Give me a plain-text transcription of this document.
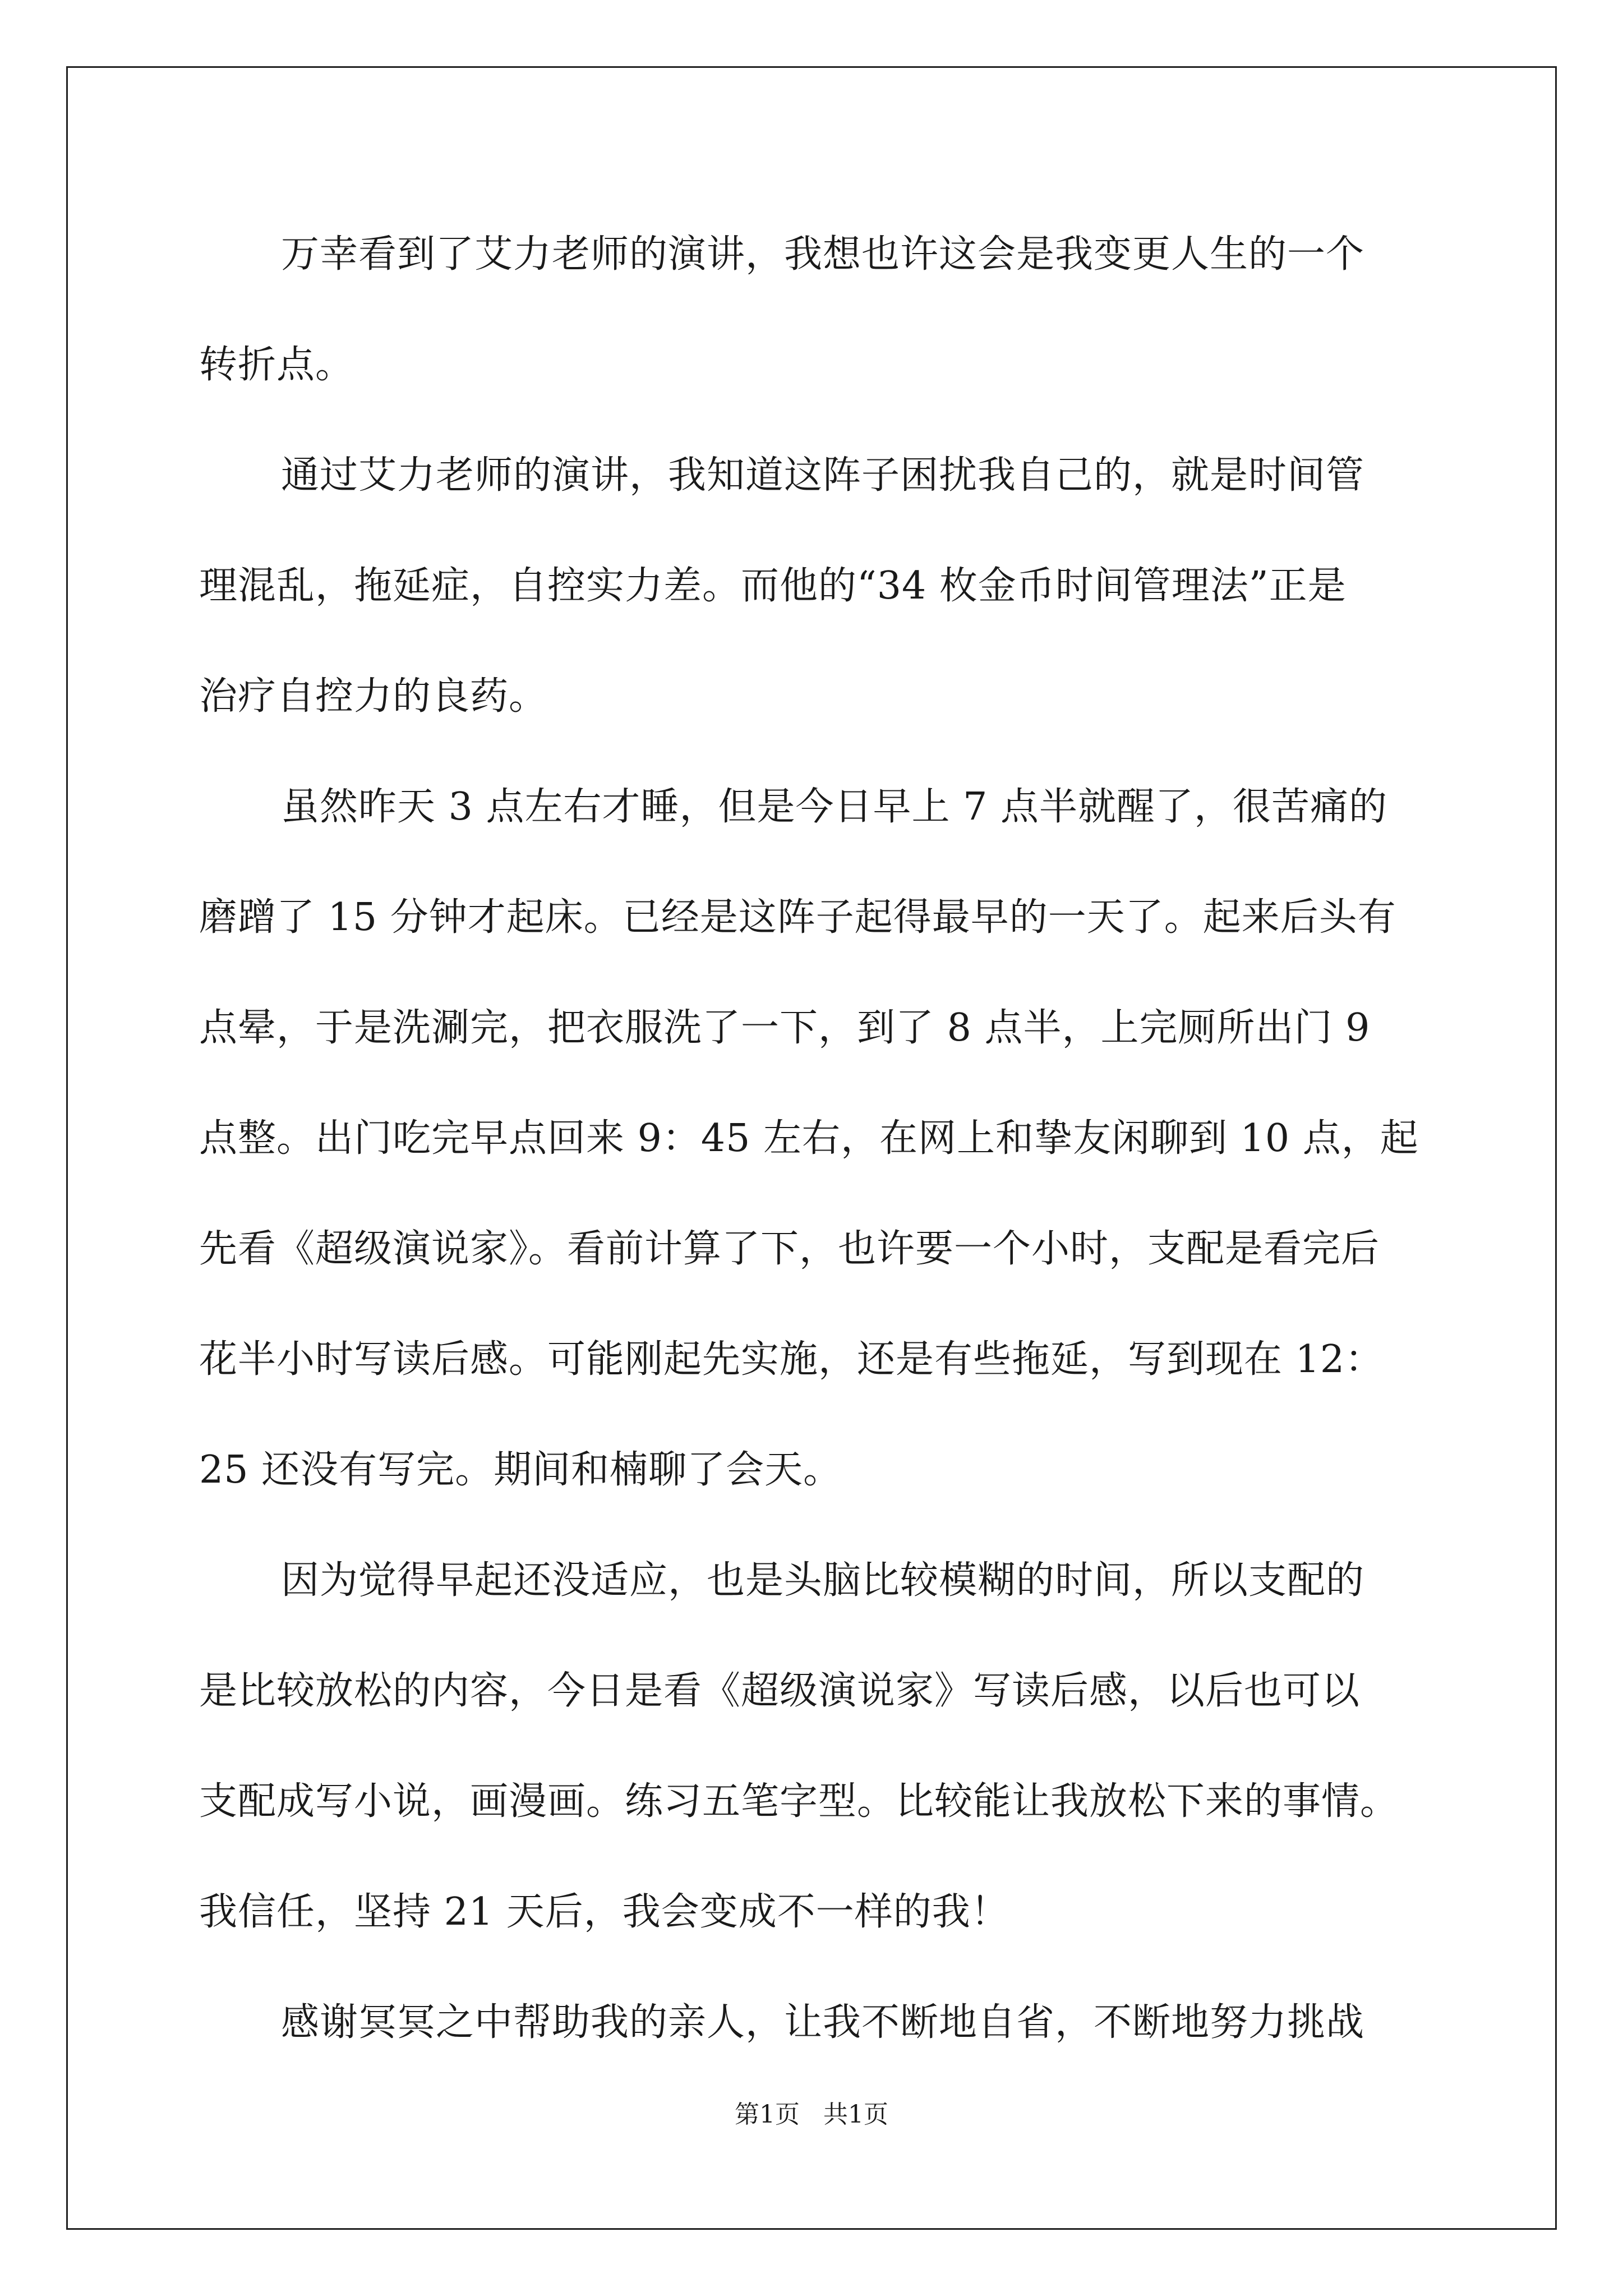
万幸看到了艾力老师的演讲，我想也许这会是我变更人生的一个
转折点。
通过艾力老师的演讲，我知道这阵子困扰我自己的，就是时间管
理混乱，拖延症，自控实力差。而他的“34 枚金币时间管理法”正是
治疗自控力的良药。
虽然昨天 3 点左右才睡，但是今日早上 7 点半就醒了，很苦痛的
磨蹭了 15 分钟才起床。已经是这阵子起得最早的一天了。起来后头有
点晕，于是洗涮完，把衣服洗了一下，到了 8 点半，上完厕所出门 9
点整。出门吃完早点回来 9：45 左右，在网上和挚友闲聊到 10 点，起
先看《超级演说家》。看前计算了下，也许要一个小时，支配是看完后
花半小时写读后感。可能刚起先实施，还是有些拖延，写到现在 12：
25 还没有写完。期间和楠聊了会天。
因为觉得早起还没适应，也是头脑比较模糊的时间，所以支配的
是比较放松的内容，今日是看《超级演说家》写读后感，以后也可以
支配成写小说，画漫画。练习五笔字型。比较能让我放松下来的事情。
我信任，坚持 21 天后，我会变成不一样的我！
感谢冥冥之中帮助我的亲人，让我不断地自省，不断地努力挑战
第1页 共1页
